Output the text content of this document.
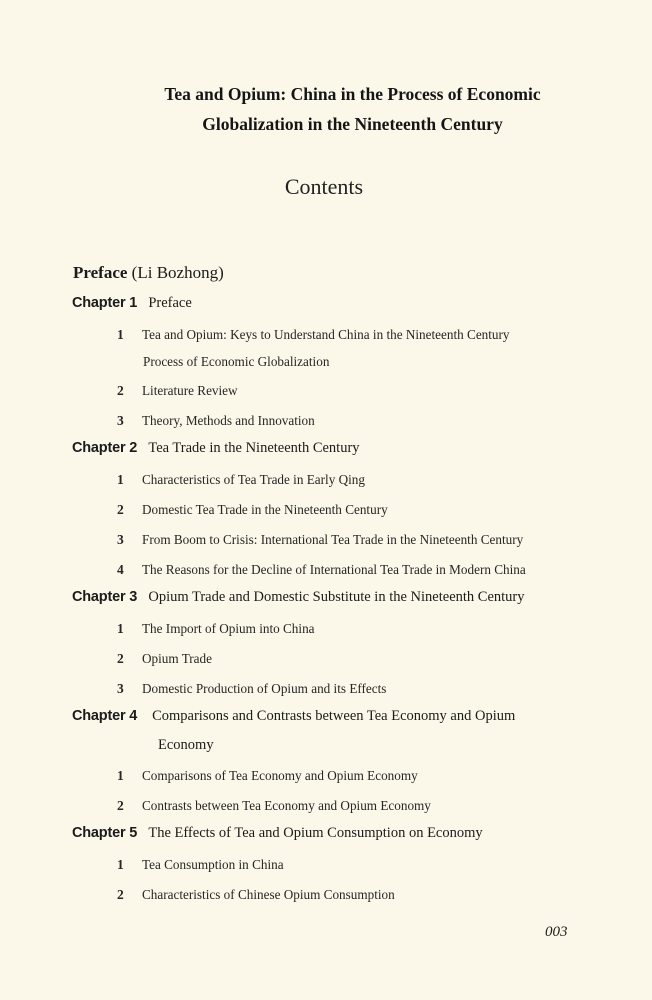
Tea and Opium: China in the Process of Economic
Globalization in the Nineteenth Century
Contents
Preface (Li Bozhong)
Chapter 1 Preface
1 Tea and Opium: Keys to Understand China in the Nineteenth Century
Process of Economic Globalization
2 Literature Review
3 Theory, Methods and Innovation
Chapter 2 Tea Trade in the Nineteenth Century
1 Characteristics of Tea Trade in Early Qing
2 Domestic Tea Trade in the Nineteenth Century
3 From Boom to Crisis: International Tea Trade in the Nineteenth Century
4 The Reasons for the Decline of International Tea Trade in Modern China
Chapter 3 Opium Trade and Domestic Substitute in the Nineteenth Century
1 The Import of Opium into China
2 Opium Trade
3 Domestic Production of Opium and its Effects
Chapter 4 Comparisons and Contrasts between Tea Economy and Opium
Economy
1 Comparisons of Tea Economy and Opium Economy
2 Contrasts between Tea Economy and Opium Economy
Chapter 5 The Effects of Tea and Opium Consumption on Economy
1 Tea Consumption in China
2 Characteristics of Chinese Opium Consumption
003
